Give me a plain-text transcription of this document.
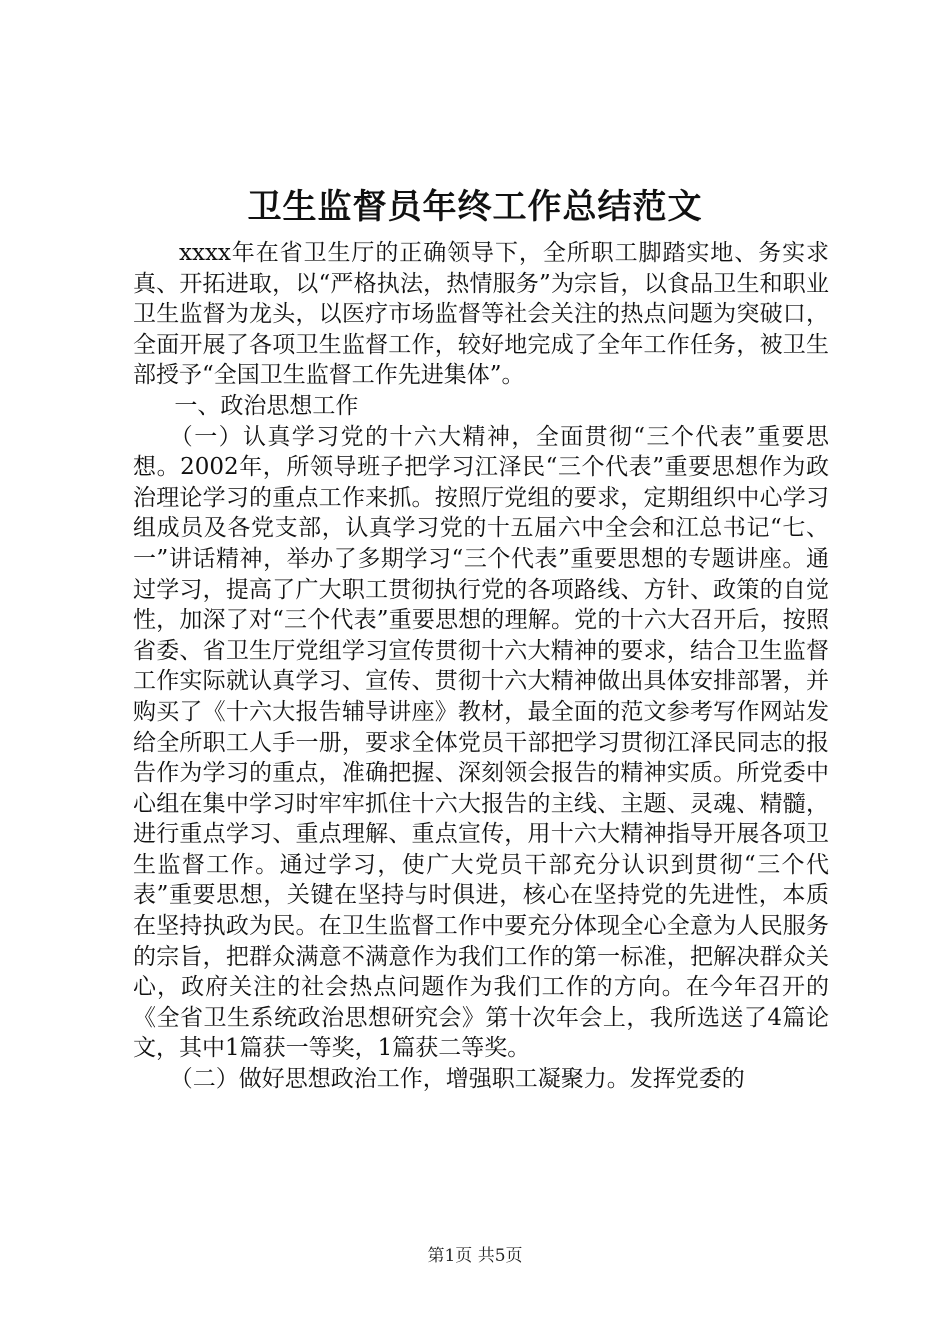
卫生监督员年终工作总结范文

xxxx年在省卫生厅的正确领导下，全所职工脚踏实地、务实求真、开拓进取，以“严格执法，热情服务”为宗旨，以食品卫生和职业卫生监督为龙头，以医疗市场监督等社会关注的热点问题为突破口，全面开展了各项卫生监督工作，较好地完成了全年工作任务，被卫生部授予“全国卫生监督工作先进集体”。

一、政治思想工作

（一）认真学习党的十六大精神，全面贯彻“三个代表”重要思想。2002年，所领导班子把学习江泽民“三个代表”重要思想作为政治理论学习的重点工作来抓。按照厅党组的要求，定期组织中心学习组成员及各党支部，认真学习党的十五届六中全会和江总书记“七、一”讲话精神，举办了多期学习“三个代表”重要思想的专题讲座。通过学习，提高了广大职工贯彻执行党的各项路线、方针、政策的自觉性，加深了对“三个代表”重要思想的理解。党的十六大召开后，按照省委、省卫生厅党组学习宣传贯彻十六大精神的要求，结合卫生监督工作实际就认真学习、宣传、贯彻十六大精神做出具体安排部署，并购买了《十六大报告辅导讲座》教材，最全面的范文参考写作网站发给全所职工人手一册，要求全体党员干部把学习贯彻江泽民同志的报告作为学习的重点，准确把握、深刻领会报告的精神实质。所党委中心组在集中学习时牢牢抓住十六大报告的主线、主题、灵魂、精髓，进行重点学习、重点理解、重点宣传，用十六大精神指导开展各项卫生监督工作。通过学习，使广大党员干部充分认识到贯彻“三个代表”重要思想，关键在坚持与时俱进，核心在坚持党的先进性，本质在坚持执政为民。在卫生监督工作中要充分体现全心全意为人民服务的宗旨，把群众满意不满意作为我们工作的第一标准，把解决群众关心，政府关注的社会热点问题作为我们工作的方向。在今年召开的《全省卫生系统政治思想研究会》第十次年会上，我所选送了4篇论文，其中1篇获一等奖，1篇获二等奖。

（二）做好思想政治工作，增强职工凝聚力。发挥党委的

第1页 共5页
